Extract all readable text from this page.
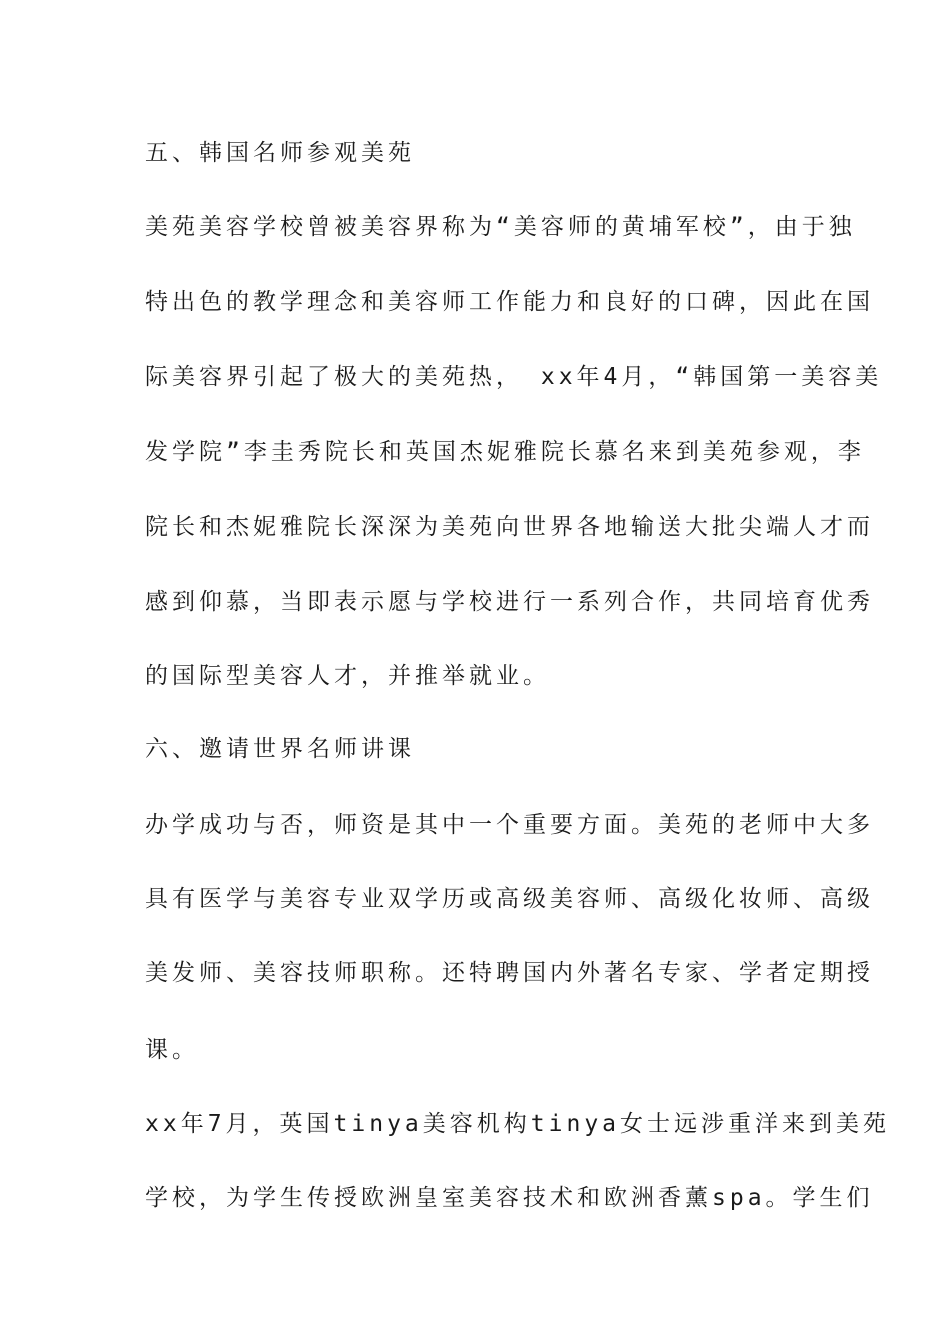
五、韩国名师参观美苑
美苑美容学校曾被美容界称为“美容师的黄埔军校”，由于独
特出色的教学理念和美容师工作能力和良好的口碑，因此在国
际美容界引起了极大的美苑热， xx年4月，“韩国第一美容美
发学院”李圭秀院长和英国杰妮雅院长慕名来到美苑参观，李
院长和杰妮雅院长深深为美苑向世界各地输送大批尖端人才而
感到仰慕，当即表示愿与学校进行一系列合作，共同培育优秀
的国际型美容人才，并推举就业。
六、邀请世界名师讲课
办学成功与否，师资是其中一个重要方面。美苑的老师中大多
具有医学与美容专业双学历或高级美容师、高级化妆师、高级
美发师、美容技师职称。还特聘国内外著名专家、学者定期授
课。
xx年7月，英国tinya美容机构tinya女士远涉重洋来到美苑
学校，为学生传授欧洲皇室美容技术和欧洲香薰spa。学生们
